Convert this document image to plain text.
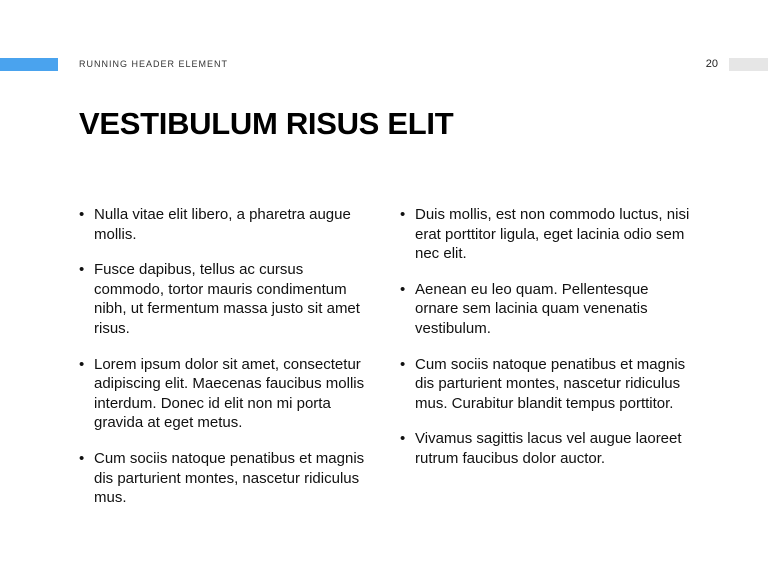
RUNNING HEADER ELEMENT	20
VESTIBULUM RISUS ELIT
• Nulla vitae elit libero, a pharetra augue mollis.
• Fusce dapibus, tellus ac cursus commodo, tortor mauris condimentum nibh, ut fermentum massa justo sit amet risus.
• Lorem ipsum dolor sit amet, consectetur adipiscing elit. Maecenas faucibus mollis interdum. Donec id elit non mi porta gravida at eget metus.
• Cum sociis natoque penatibus et magnis dis parturient montes, nascetur ridiculus mus.
• Duis mollis, est non commodo luctus, nisi erat porttitor ligula, eget lacinia odio sem nec elit.
• Aenean eu leo quam. Pellentesque ornare sem lacinia quam venenatis vestibulum.
• Cum sociis natoque penatibus et magnis dis parturient montes, nascetur ridiculus mus. Curabitur blandit tempus porttitor.
• Vivamus sagittis lacus vel augue laoreet rutrum faucibus dolor auctor.
